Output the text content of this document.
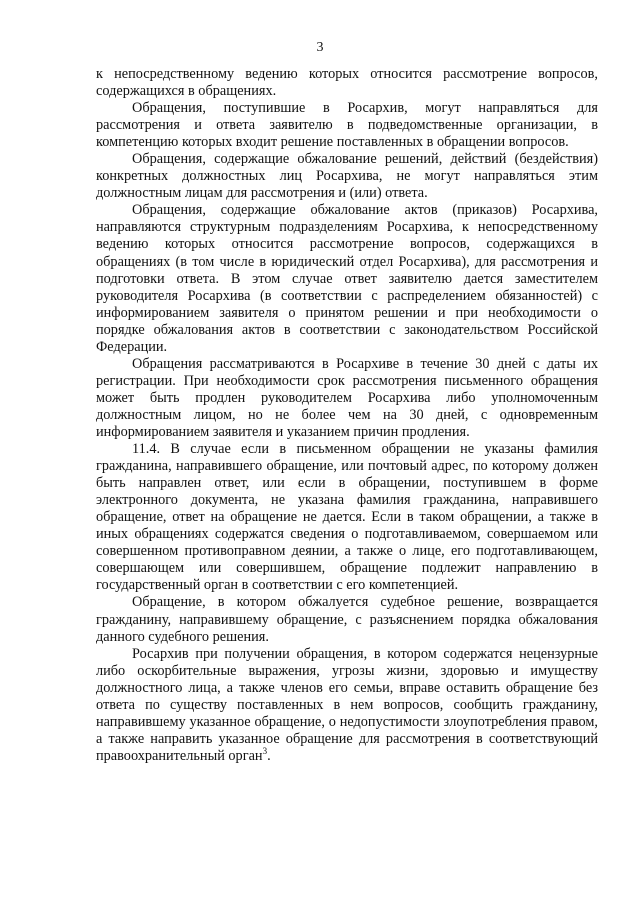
3

к непосредственному ведению которых относится рассмотрение вопросов, содержащихся в обращениях.

Обращения, поступившие в Росархив, могут направляться для рассмотрения и ответа заявителю в подведомственные организации, в компетенцию которых входит решение поставленных в обращении вопросов.

Обращения, содержащие обжалование решений, действий (бездействия) конкретных должностных лиц Росархива, не могут направляться этим должностным лицам для рассмотрения и (или) ответа.

Обращения, содержащие обжалование актов (приказов) Росархива, направляются структурным подразделениям Росархива, к непосредственному ведению которых относится рассмотрение вопросов, содержащихся в обращениях (в том числе в юридический отдел Росархива), для рассмотрения и подготовки ответа. В этом случае ответ заявителю дается заместителем руководителя Росархива (в соответствии с распределением обязанностей) с информированием заявителя о принятом решении и при необходимости о порядке обжалования актов в соответствии с законодательством Российской Федерации.

Обращения рассматриваются в Росархиве в течение 30 дней с даты их регистрации. При необходимости срок рассмотрения письменного обращения может быть продлен руководителем Росархива либо уполномоченным должностным лицом, но не более чем на 30 дней, с одновременным информированием заявителя и указанием причин продления.

11.4. В случае если в письменном обращении не указаны фамилия гражданина, направившего обращение, или почтовый адрес, по которому должен быть направлен ответ, или если в обращении, поступившем в форме электронного документа, не указана фамилия гражданина, направившего обращение, ответ на обращение не дается. Если в таком обращении, а также в иных обращениях содержатся сведения о подготавливаемом, совершаемом или совершенном противоправном деянии, а также о лице, его подготавливающем, совершающем или совершившем, обращение подлежит направлению в государственный орган в соответствии с его компетенцией.

Обращение, в котором обжалуется судебное решение, возвращается гражданину, направившему обращение, с разъяснением порядка обжалования данного судебного решения.

Росархив при получении обращения, в котором содержатся нецензурные либо оскорбительные выражения, угрозы жизни, здоровью и имуществу должностного лица, а также членов его семьи, вправе оставить обращение без ответа по существу поставленных в нем вопросов, сообщить гражданину, направившему указанное обращение, о недопустимости злоупотребления правом, а также направить указанное обращение для рассмотрения в соответствующий правоохранительный орган$^3$.
